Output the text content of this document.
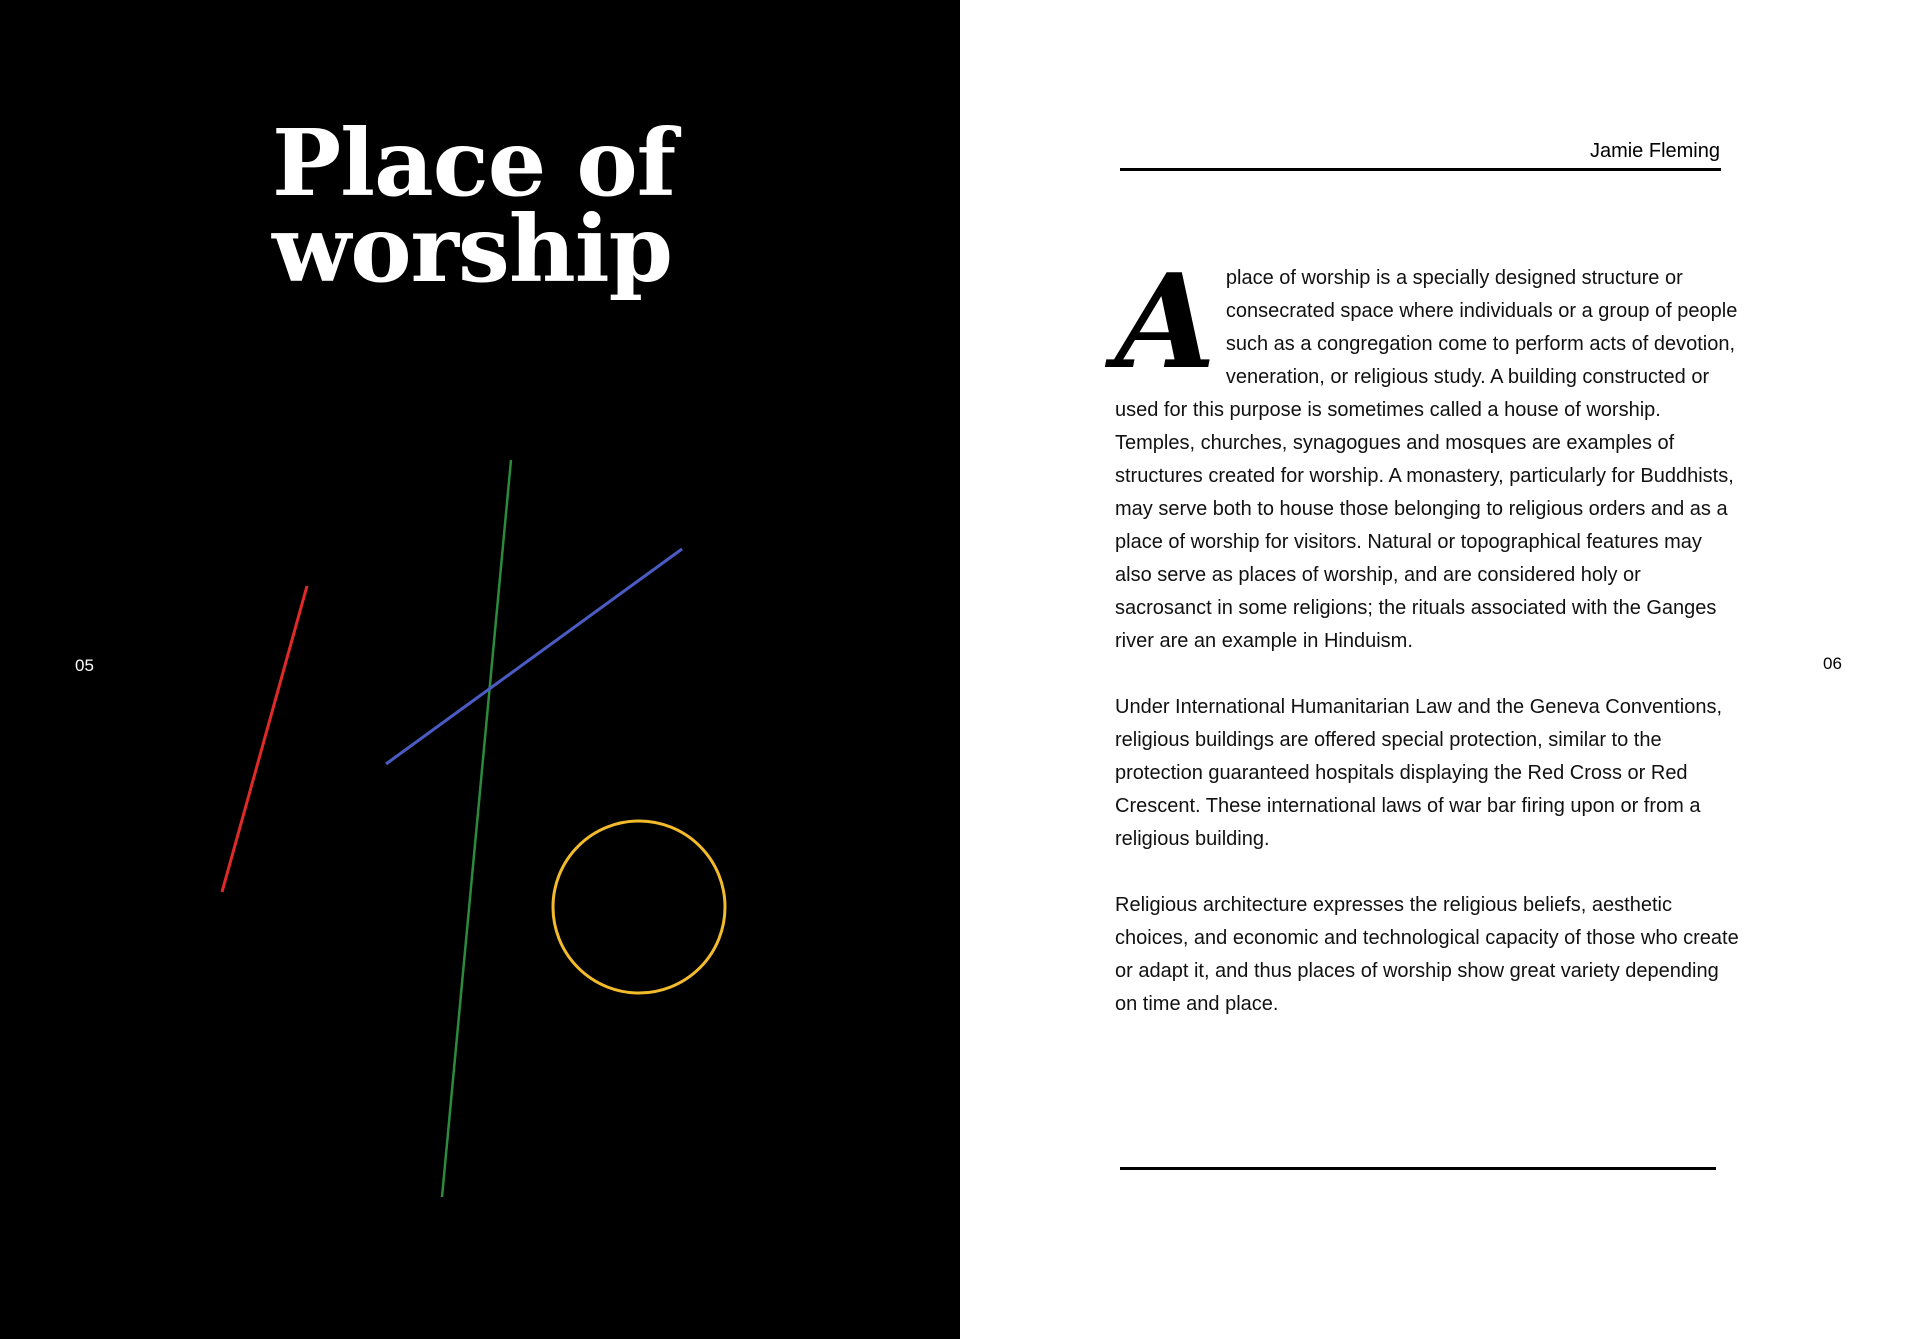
Place of
worship
05
Jamie Fleming

Aplace of worship is a specially designed structure or consecrated space where individuals or a group of people such as a congregation come to perform acts of devotion, veneration, or religious study. A building constructed or used for this purpose is sometimes called a house of worship. Temples, churches, synagogues and mosques are examples of structures created for worship. A monastery, particularly for Buddhists, may serve both to house those belonging to religious orders and as a place of worship for visitors. Natural or topographical features may also serve as places of worship, and are considered holy or sacrosanct in some religions; the rituals associated with the Ganges river are an example in Hinduism.

Under International Humanitarian Law and the Geneva Conventions, religious buildings are offered special protection, similar to the protection guaranteed hospitals displaying the Red Cross or Red Crescent. These international laws of war bar firing upon or from a religious building.

Religious architecture expresses the religious beliefs, aesthetic choices, and economic and technological capacity of those who create or adapt it, and thus places of worship show great variety depending on time and place.

06
